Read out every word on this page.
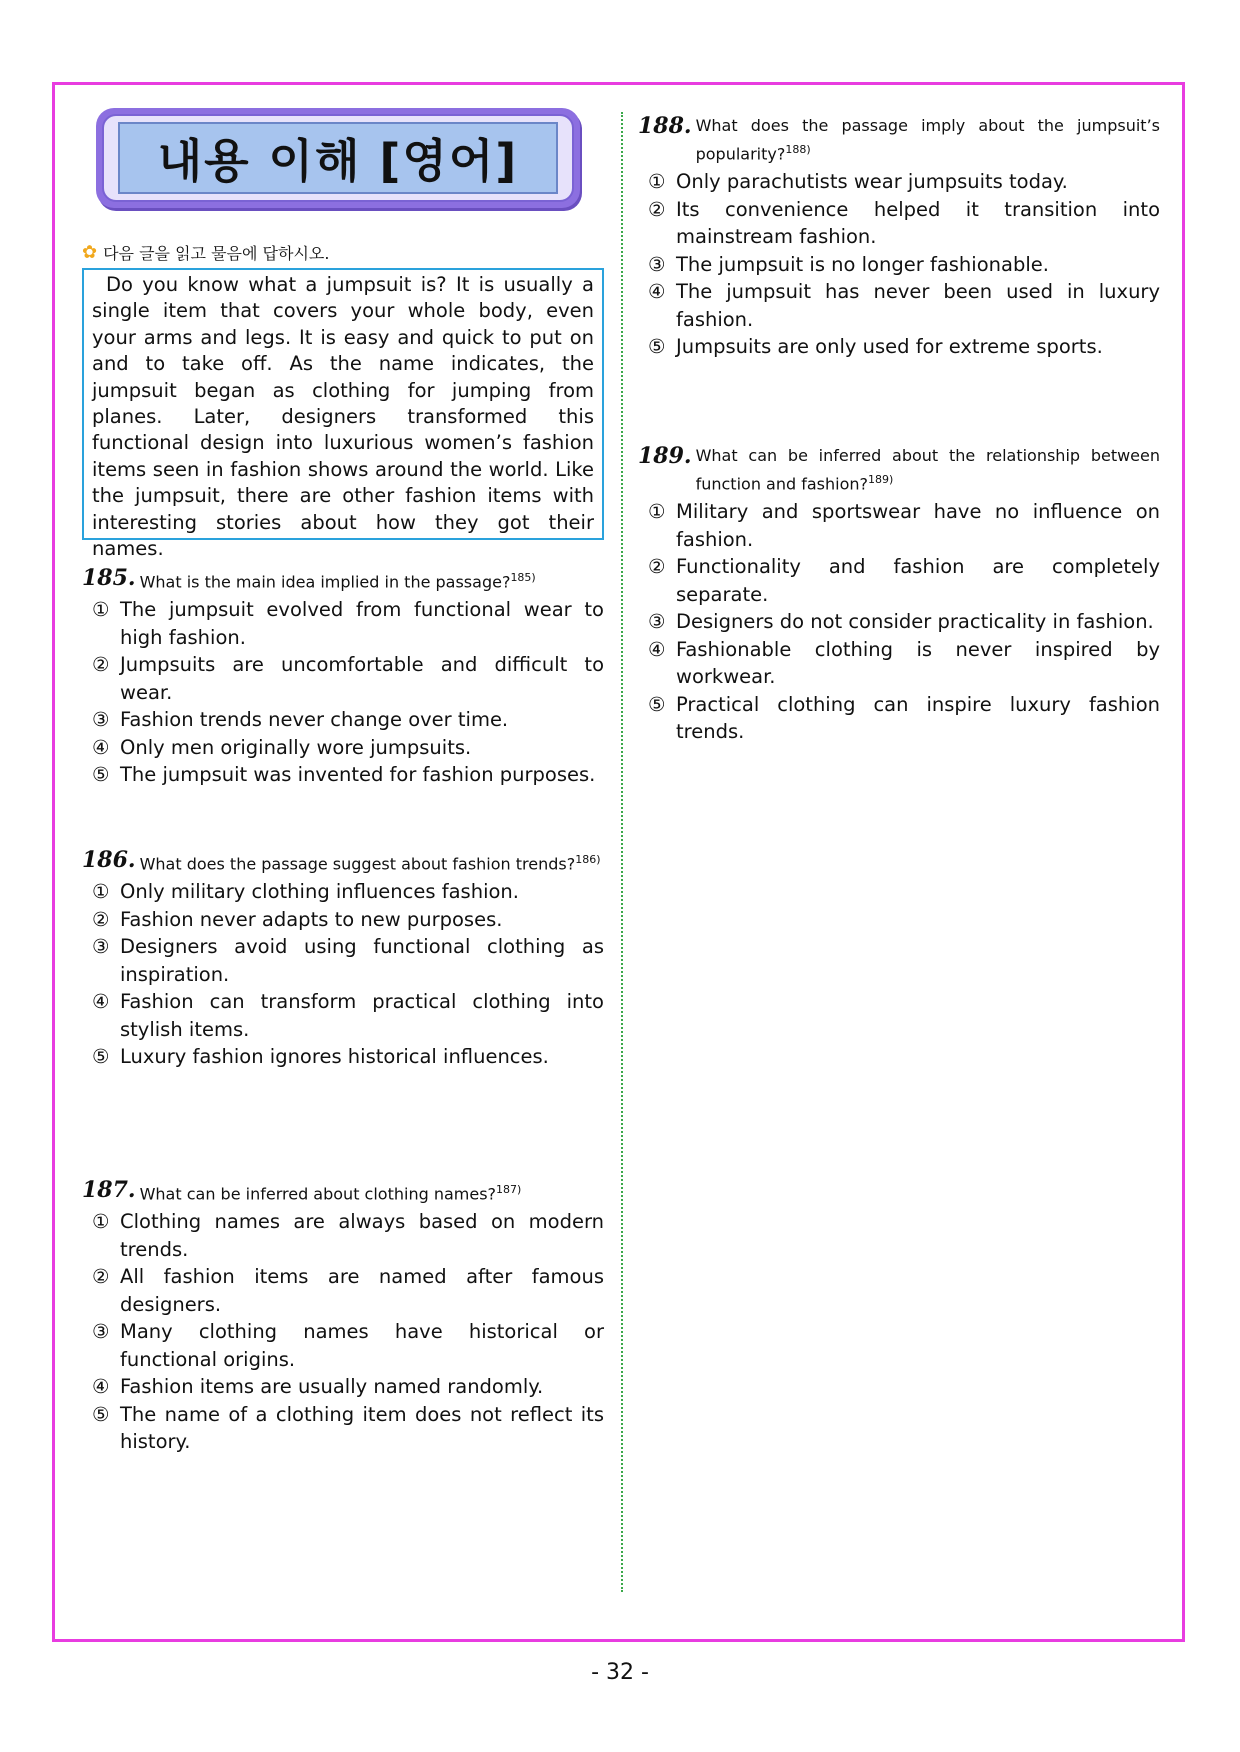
내용 이해 [영어]
✿ 다음 글을 읽고 물음에 답하시오.
Do you know what a jumpsuit is? It is usually a single item that covers your whole body, even your arms and legs. It is easy and quick to put on and to take off. As the name indicates, the jumpsuit began as clothing for jumping from planes. Later, designers transformed this functional design into luxurious women’s fashion items seen in fashion shows around the world. Like the jumpsuit, there are other fashion items with interesting stories about how they got their names.
185. What is the main idea implied in the passage?$^{185)}$
① The jumpsuit evolved from functional wear to high fashion.
② Jumpsuits are uncomfortable and difficult to wear.
③ Fashion trends never change over time.
④ Only men originally wore jumpsuits.
⑤ The jumpsuit was invented for fashion purposes.
186. What does the passage suggest about fashion trends?$^{186)}$
① Only military clothing influences fashion.
② Fashion never adapts to new purposes.
③ Designers avoid using functional clothing as inspiration.
④ Fashion can transform practical clothing into stylish items.
⑤ Luxury fashion ignores historical influences.
187. What can be inferred about clothing names?$^{187)}$
① Clothing names are always based on modern trends.
② All fashion items are named after famous designers.
③ Many clothing names have historical or functional origins.
④ Fashion items are usually named randomly.
⑤ The name of a clothing item does not reflect its history.
188. What does the passage imply about the jumpsuit’s popularity?$^{188)}$
① Only parachutists wear jumpsuits today.
② Its convenience helped it transition into mainstream fashion.
③ The jumpsuit is no longer fashionable.
④ The jumpsuit has never been used in luxury fashion.
⑤ Jumpsuits are only used for extreme sports.
189. What can be inferred about the relationship between function and fashion?$^{189)}$
① Military and sportswear have no influence on fashion.
② Functionality and fashion are completely separate.
③ Designers do not consider practicality in fashion.
④ Fashionable clothing is never inspired by workwear.
⑤ Practical clothing can inspire luxury fashion trends.
- 32 -
